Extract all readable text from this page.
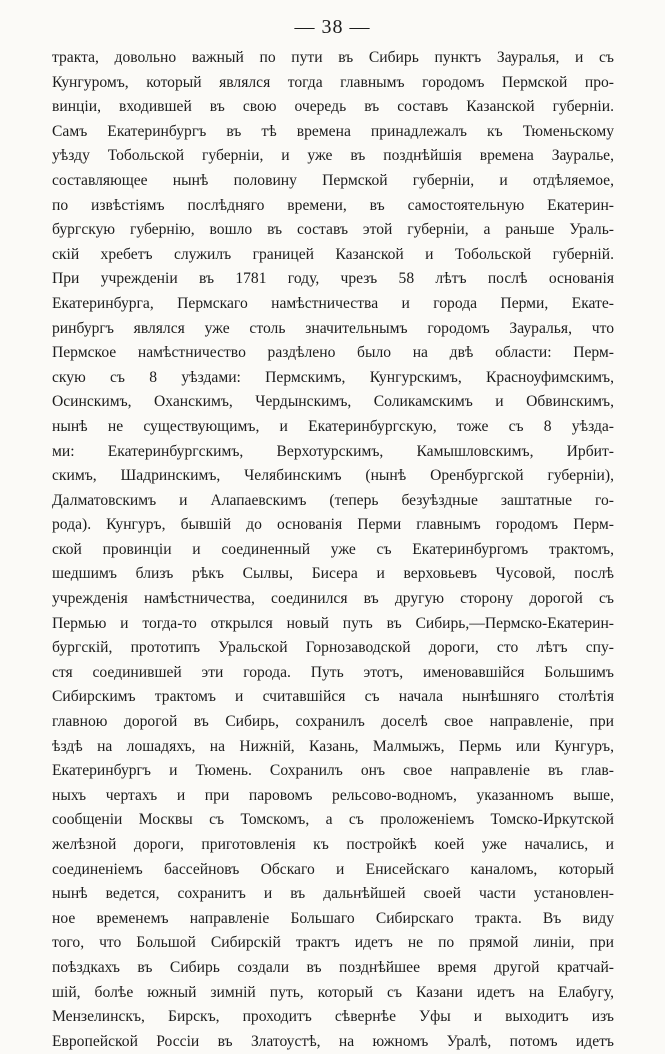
— 38 —
тракта, довольно важный по пути въ Сибирь пунктъ Зауралья, и съ
Кунгуромъ, который являлся тогда главнымъ городомъ Пермской про-
винціи, входившей въ свою очередь въ составъ Казанской губерніи.
Самъ Екатеринбургъ въ тѣ времена принадлежалъ къ Тюменьскому
уѣзду Тобольской губерніи, и уже въ позднѣйшія времена Зауралье,
составляющее нынѣ половину Пермской губерніи, и отдѣляемое,
по извѣстіямъ послѣдняго времени, въ самостоятельную Екатерин-
бургскую губернію, вошло въ составъ этой губерніи, а раньше Ураль-
скій хребетъ служилъ границей Казанской и Тобольской губерній.
При учрежденіи въ 1781 году, чрезъ 58 лѣтъ послѣ основанія
Екатеринбурга, Пермскаго намѣстничества и города Перми, Екате-
ринбургъ являлся уже столь значительнымъ городомъ Зауралья, что
Пермское намѣстничество раздѣлено было на двѣ области: Перм-
скую съ 8 уѣздами: Пермскимъ, Кунгурскимъ, Красноуфимскимъ,
Осинскимъ, Оханскимъ, Чердынскимъ, Соликамскимъ и Обвинскимъ,
нынѣ не существующимъ, и Екатеринбургскую, тоже съ 8 уѣзда-
ми: Екатеринбургскимъ, Верхотурскимъ, Камышловскимъ, Ирбит-
скимъ, Шадринскимъ, Челябинскимъ (нынѣ Оренбургской губерніи),
Далматовскимъ и Алапаевскимъ (теперь безуѣздные заштатные го-
рода). Кунгуръ, бывшій до основанія Перми главнымъ городомъ Перм-
ской провинціи и соединенный уже съ Екатеринбургомъ трактомъ,
шедшимъ близъ рѣкъ Сылвы, Бисера и верховьевъ Чусовой, послѣ
учрежденія намѣстничества, соединился въ другую сторону дорогой съ
Пермью и тогда-то открылся новый путь въ Сибирь,—Пермско-Екатерин-
бургскій, прототипъ Уральской Горнозаводской дороги, сто лѣтъ спу-
стя соединившей эти города. Путь этотъ, именовавшійся Большимъ
Сибирскимъ трактомъ и считавшійся съ начала нынѣшняго столѣтія
главною дорогой въ Сибирь, сохранилъ доселѣ свое направленіе, при
ѣздѣ на лошадяхъ, на Нижній, Казань, Малмыжъ, Пермь или Кунгуръ,
Екатеринбургъ и Тюмень. Сохранилъ онъ свое направленіе въ глав-
ныхъ чертахъ и при паровомъ рельсово-водномъ, указанномъ выше,
сообщеніи Москвы съ Томскомъ, а съ проложеніемъ Томско-Иркутской
желѣзной дороги, приготовленія къ постройкѣ коей уже начались, и
соединеніемъ бассейновъ Обскаго и Енисейскаго каналомъ, который
нынѣ ведется, сохранитъ и въ дальнѣйшей своей части установлен-
ное временемъ направленіе Большаго Сибирскаго тракта. Въ виду
того, что Большой Сибирскій трактъ идетъ не по прямой линіи, при
поѣздкахъ въ Сибирь создали въ позднѣйшее время другой кратчай-
шій, болѣе южный зимній путь, который съ Казани идетъ на Елабугу,
Мензелинскъ, Бирскъ, проходитъ сѣвернѣе Уфы и выходитъ изъ
Европейской Россіи въ Златоустѣ, на южномъ Уралѣ, потомъ идетъ
